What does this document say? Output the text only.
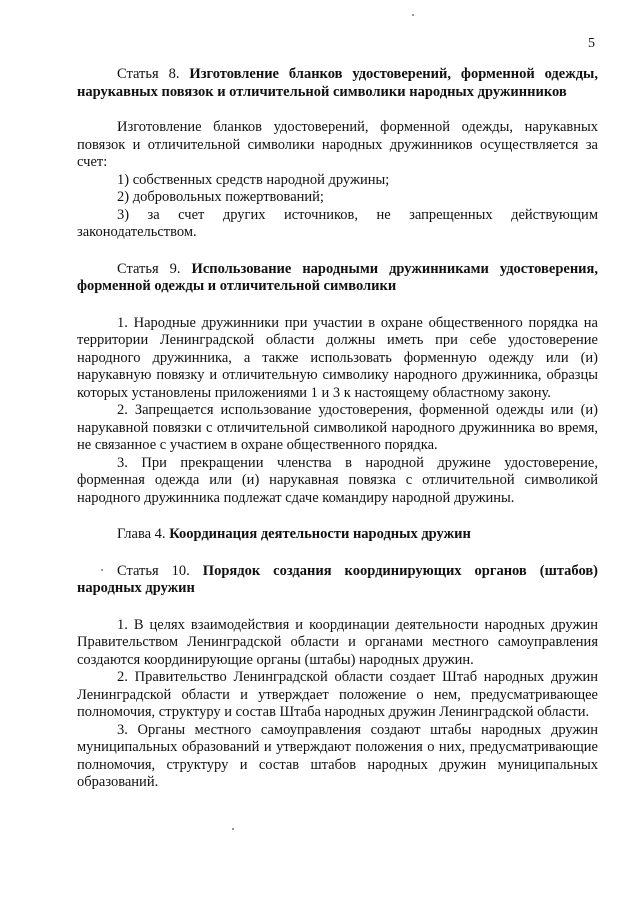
5

Статья 8. Изготовление бланков удостоверений, форменной одежды, нарукавных повязок и отличительной символики народных дружинников

Изготовление бланков удостоверений, форменной одежды, нарукавных повязок и отличительной символики народных дружинников осуществляется за счет:

1) собственных средств народной дружины;

2) добровольных пожертвований;

3) за счет других источников, не запрещенных действующим законодательством.

Статья 9. Использование народными дружинниками удостоверения, форменной одежды и отличительной символики

1. Народные дружинники при участии в охране общественного порядка на территории Ленинградской области должны иметь при себе удостоверение народного дружинника, а также использовать форменную одежду или (и) нарукавную повязку и отличительную символику народного дружинника, образцы которых установлены приложениями 1 и 3 к настоящему областному закону.

2. Запрещается использование удостоверения, форменной одежды или (и) нарукавной повязки с отличительной символикой народного дружинника во время, не связанное с участием в охране общественного порядка.

3. При прекращении членства в народной дружине удостоверение, форменная одежда или (и) нарукавная повязка с отличительной символикой народного дружинника подлежат сдаче командиру народной дружины.

Глава 4. Координация деятельности народных дружин

Статья 10. Порядок создания координирующих органов (штабов) народных дружин

1. В целях взаимодействия и координации деятельности народных дружин Правительством Ленинградской области и органами местного самоуправления создаются координирующие органы (штабы) народных дружин.

2. Правительство Ленинградской области создает Штаб народных дружин Ленинградской области и утверждает положение о нем, предусматривающее полномочия, структуру и состав Штаба народных дружин Ленинградской области.

3. Органы местного самоуправления создают штабы народных дружин муниципальных образований и утверждают положения о них, предусматривающие полномочия, структуру и состав штабов народных дружин муниципальных образований.
